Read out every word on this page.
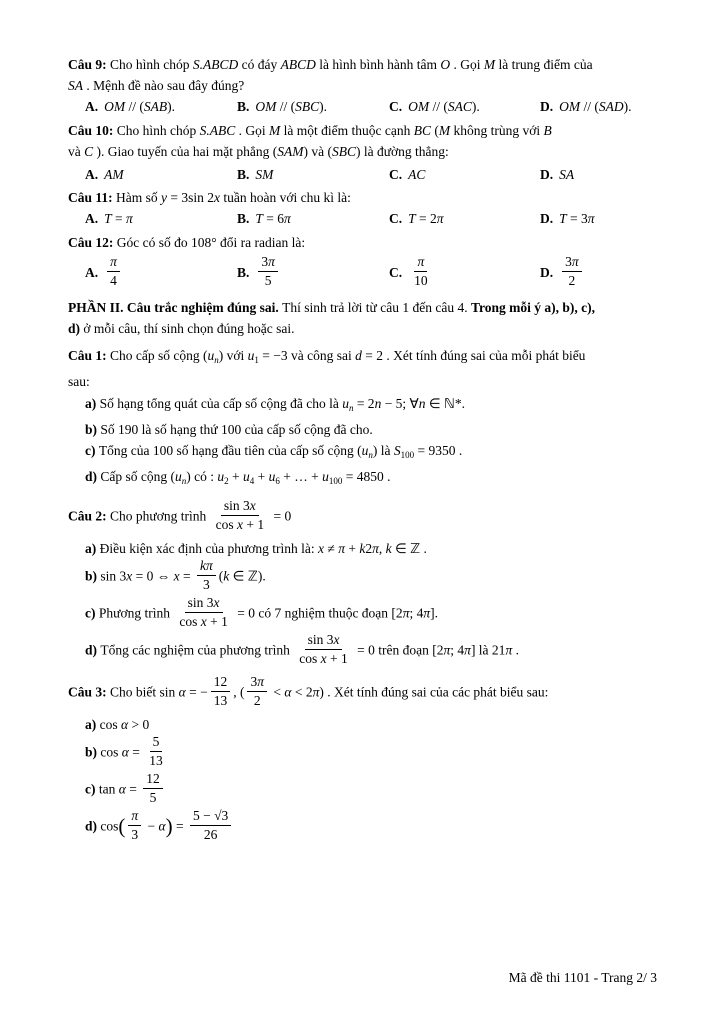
Câu 9: Cho hình chóp S.ABCD có đáy ABCD là hình bình hành tâm O . Gọi M là trung điểm của
SA . Mệnh đề nào sau đây đúng?
A. OM // (SAB).	B. OM // (SBC).	C. OM // (SAC).	D. OM // (SAD).
Câu 10: Cho hình chóp S.ABC . Gọi M là một điểm thuộc cạnh BC (M không trùng với B
và C ). Giao tuyến của hai mặt phẳng (SAM) và (SBC) là đường thẳng:
A. AM	B. SM	C. AC	D. SA
Câu 11: Hàm số y = 3sin 2x tuần hoàn với chu kì là:
A. T = π	B. T = 6π	C. T = 2π	D. T = 3π
Câu 12: Góc có số đo 108° đổi ra radian là:
A. $\frac{\pi}{4}$	B. $\frac{3\pi}{5}$	C. $\frac{\pi}{10}$	D. $\frac{3\pi}{2}$
PHẦN II. Câu trắc nghiệm đúng sai. Thí sinh trả lời từ câu 1 đến câu 4. Trong mỗi ý a), b), c),
d) ở mỗi câu, thí sinh chọn đúng hoặc sai.
Câu 1: Cho cấp số cộng $(u_n)$ với $u_1 = -3$ và công sai d = 2 . Xét tính đúng sai của mỗi phát biểu
sau:
a) Số hạng tổng quát của cấp số cộng đã cho là $u_n = 2n - 5$; ∀n ∈ ℕ*.
b) Số 190 là số hạng thứ 100 của cấp số cộng đã cho.
c) Tổng của 100 số hạng đầu tiên của cấp số cộng $(u_n)$ là $S_{100} = 9350$ .
d) Cấp số cộng $(u_n)$ có : $u_2 + u_4 + u_6$ + … + $u_{100} = 4850$ .
Câu 2: Cho phương trình $\frac{\sin 3x}{\text{cos x + 1}} = 0$
a) Điều kiện xác định của phương trình là: x ≠ π + k2π, k ∈ ℤ .
b) sin 3x = 0 ⇔ $x = \frac{k\pi}{3} (k$ ∈ ℤ).
c) Phương trình $\frac{\sin 3x}{\text{cos x + 1}} = 0$ có 7 nghiệm thuộc đoạn [2π; 4π].
d) Tổng các nghiệm của phương trình $\frac{\sin 3x}{\text{cos x + 1}} = 0$ trên đoạn [2π; 4π] là 21π .
Câu 3: Cho biết sin α = − $\frac{12}{13}$ , ( $\frac{3\pi}{2} < \alpha < 2\pi$) . Xét tính đúng sai của các phát biểu sau:
a) cos α > 0
b) $\cos \alpha = \frac{5}{13}$
c) $\tan \alpha = \frac{12}{5}$
d) $\cos( \frac{\pi}{3} - \alpha) = \frac{5 - √3}{26}$
Mã đề thi 1101 - Trang 2/ 3
